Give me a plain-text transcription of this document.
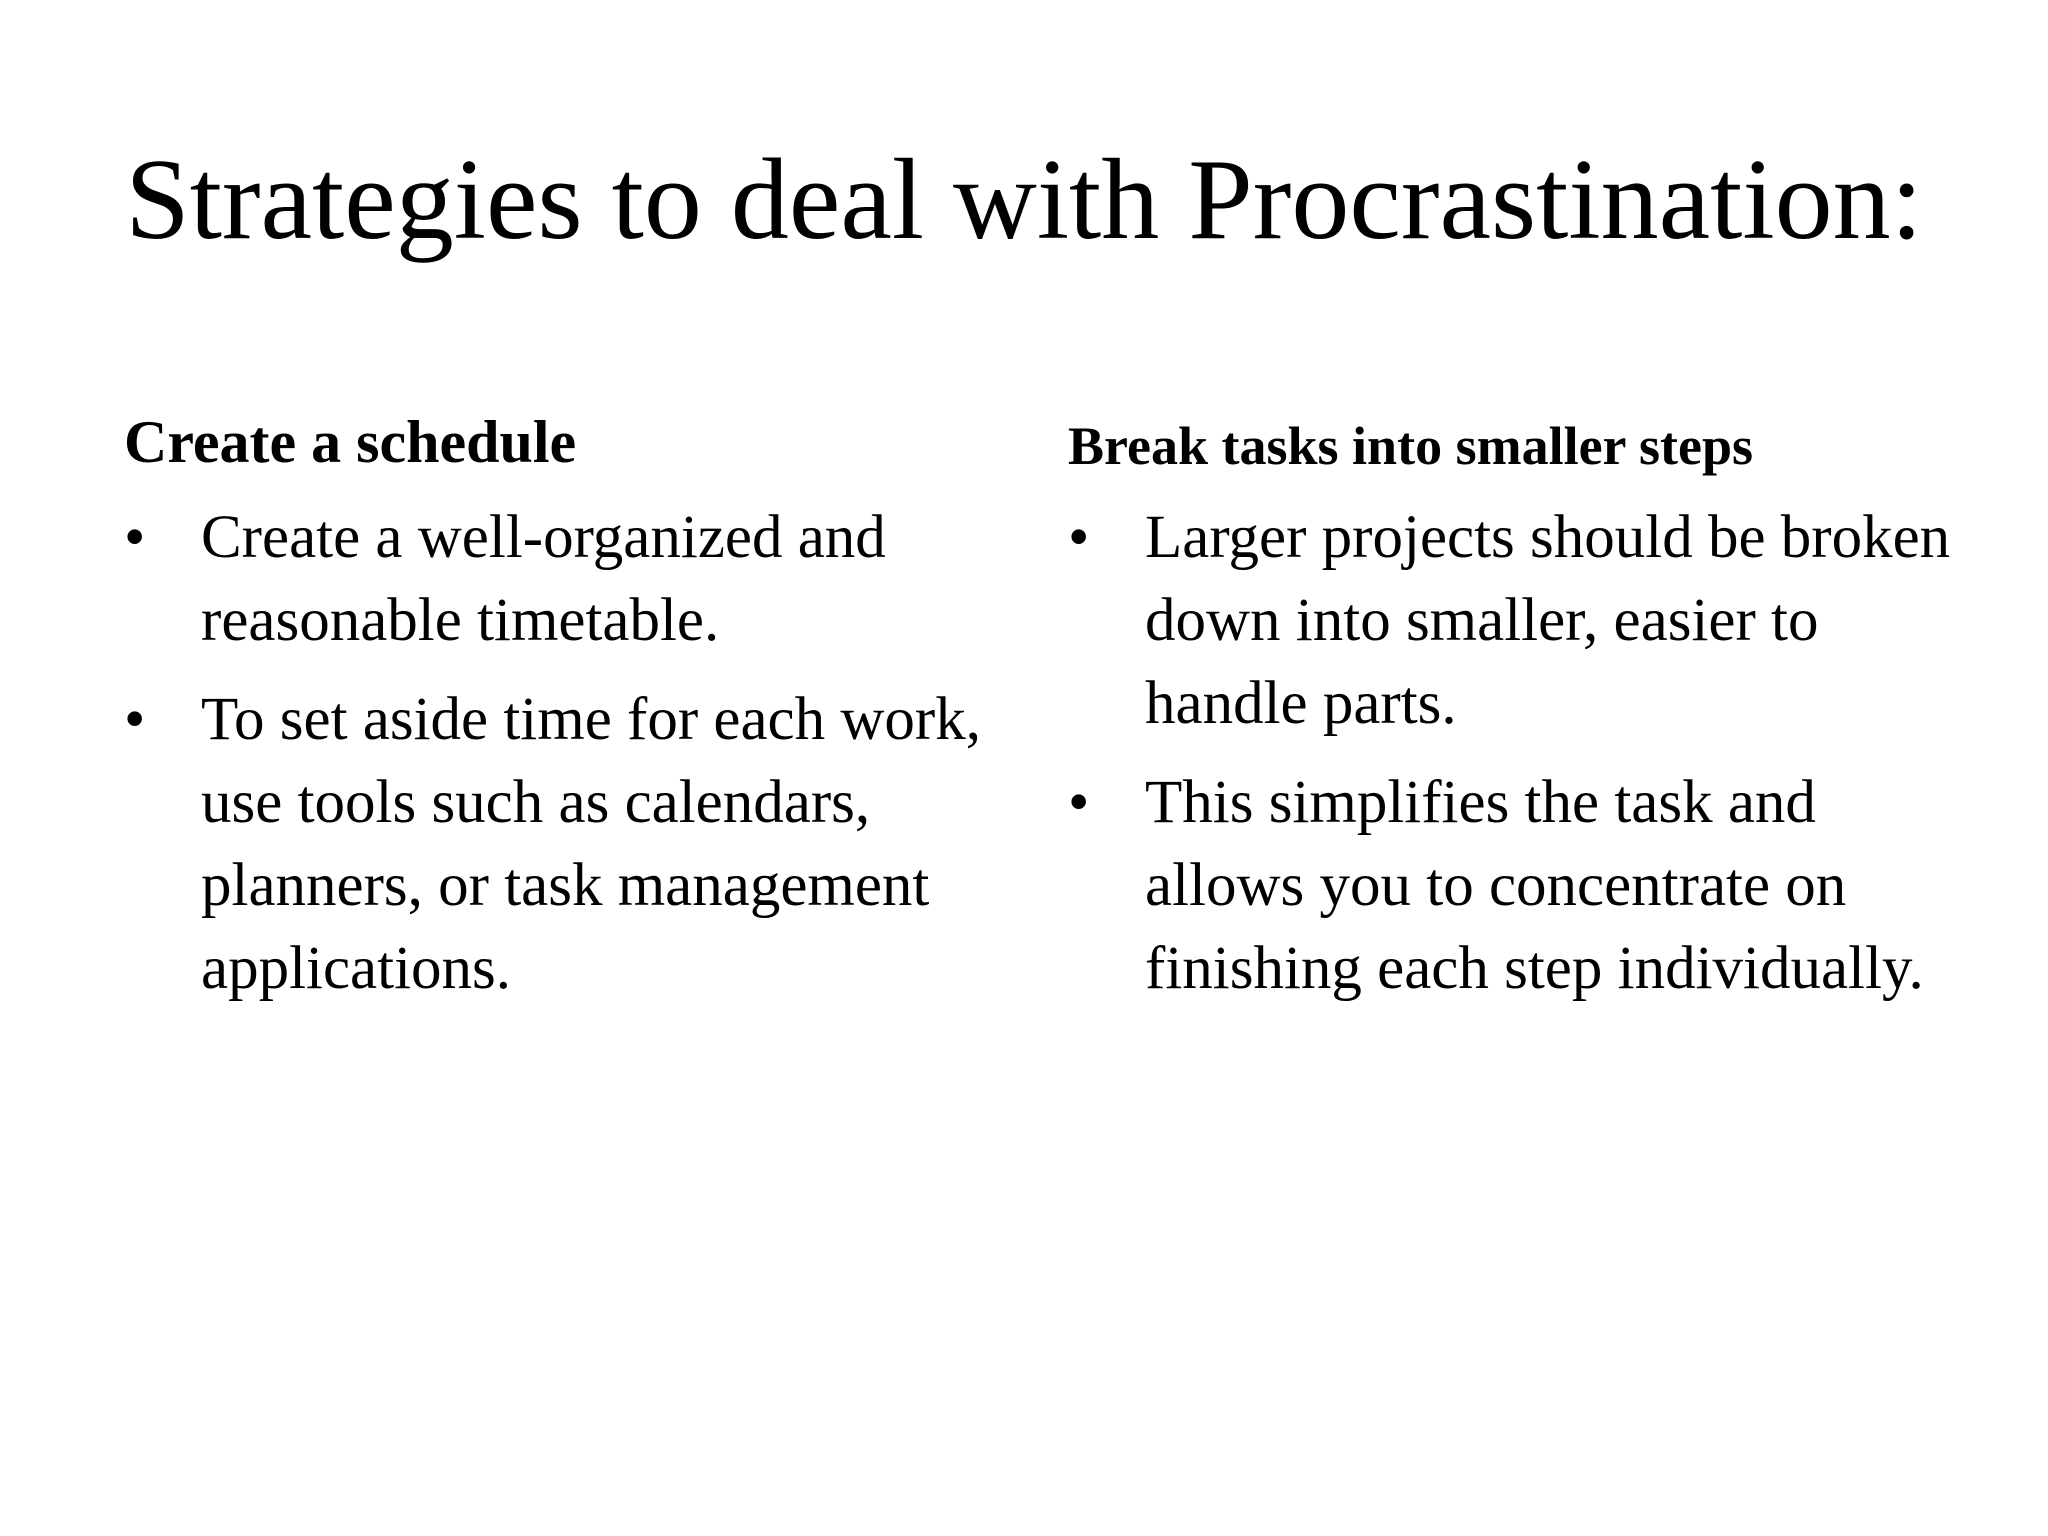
Strategies to deal with Procrastination:
Create a schedule
• Create a well-organized and reasonable timetable.
• To set aside time for each work, use tools such as calendars, planners, or task management applications.
Break tasks into smaller steps
• Larger projects should be broken down into smaller, easier to handle parts.
• This simplifies the task and allows you to concentrate on finishing each step individually.
